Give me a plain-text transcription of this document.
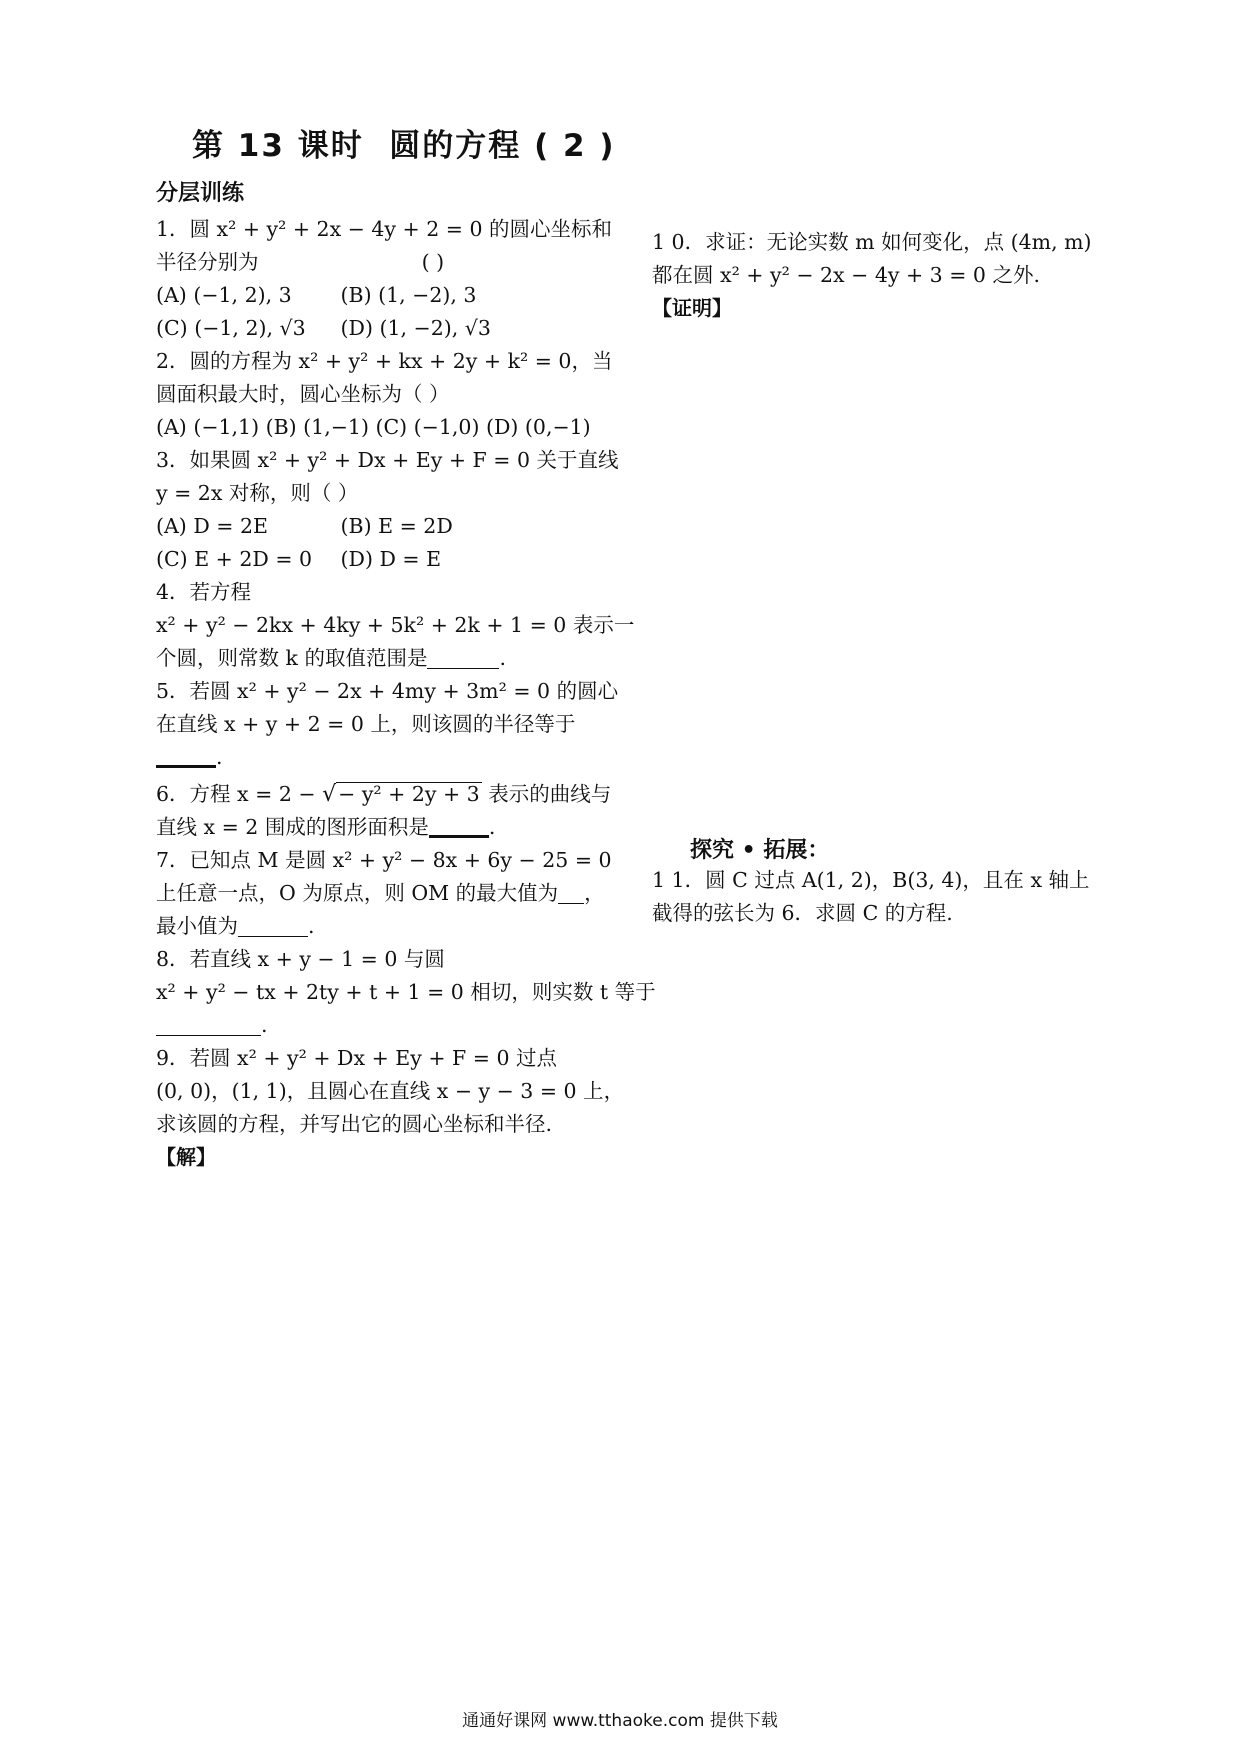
第 13 课时  圆的方程 ( 2 )
分层训练
1．圆 x² + y² + 2x − 4y + 2 = 0 的圆心坐标和
半径分别为	( )
(A) (−1, 2), 3 (B) (1, −2), 3
(C) (−1, 2), √3 (D) (1, −2), √3
2．圆的方程为 x² + y² + kx + 2y + k² = 0，当
圆面积最大时，圆心坐标为（ ）
(A) (−1,1) (B) (1,−1) (C) (−1,0) (D) (0,−1)
3．如果圆 x² + y² + Dx + Ey + F = 0 关于直线
y = 2x 对称，则（ ）
(A) D = 2E	(B) E = 2D
(C) E + 2D = 0 (D) D = E
4．若方程
x² + y² − 2kx + 4ky + 5k² + 2k + 1 = 0 表示一
个圆，则常数 k 的取值范围是	.
5．若圆 x² + y² − 2x + 4my + 3m² = 0 的圆心
在直线 x + y + 2 = 0 上，则该圆的半径等于
.
6．方程 x = 2 − √− y² + 2y + 3 表示的曲线与
直线 x = 2 围成的图形面积是	.
7．已知点 M 是圆 x² + y² − 8x + 6y − 25 = 0
上任意一点，O 为原点，则 OM 的最大值为 ，
最小值为	.
8．若直线 x + y − 1 = 0 与圆
x² + y² − tx + 2ty + t + 1 = 0 相切，则实数 t 等于
.
9．若圆 x² + y² + Dx + Ey + F = 0 过点
(0, 0)，(1, 1)，且圆心在直线 x − y − 3 = 0 上，
求该圆的方程，并写出它的圆心坐标和半径.
【解】
1 0．求证：无论实数 m 如何变化，点 (4m, m)
都在圆 x² + y² − 2x − 4y + 3 = 0 之外.
【证明】
探究 • 拓展：
1 1．圆 C 过点 A(1, 2)，B(3, 4)，且在 x 轴上
截得的弦长为 6．求圆 C 的方程.
通通好课网 www.tthaoke.com 提供下载
